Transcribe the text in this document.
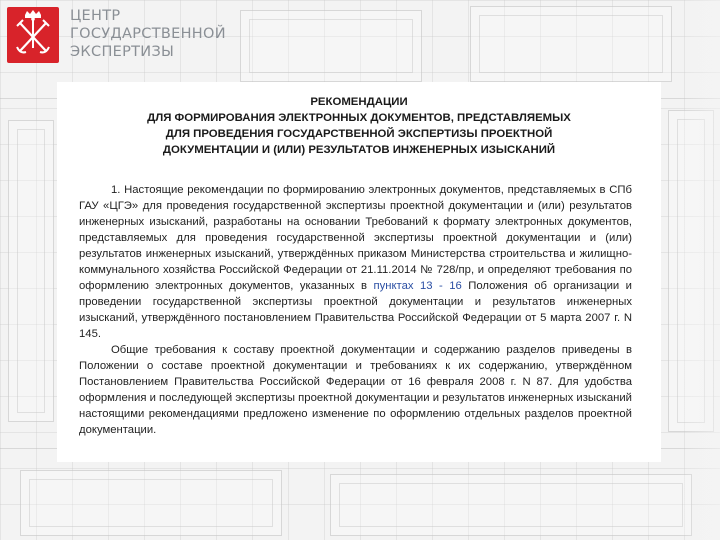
ЦЕНТР
ГОСУДАРСТВЕННОЙ
ЭКСПЕРТИЗЫ
РЕКОМЕНДАЦИИ
ДЛЯ ФОРМИРОВАНИЯ ЭЛЕКТРОННЫХ ДОКУМЕНТОВ, ПРЕДСТАВЛЯЕМЫХ
ДЛЯ ПРОВЕДЕНИЯ ГОСУДАРСТВЕННОЙ ЭКСПЕРТИЗЫ ПРОЕКТНОЙ
ДОКУМЕНТАЦИИ И (ИЛИ) РЕЗУЛЬТАТОВ ИНЖЕНЕРНЫХ ИЗЫСКАНИЙ

1. Настоящие рекомендации по формированию электронных документов, представляемых в СПб ГАУ «ЦГЭ» для проведения государственной экспертизы проектной документации и (или) результатов инженерных изысканий, разработаны на основании Требований к формату электронных документов, представляемых для проведения государственной экспертизы проектной документации и (или) результатов инженерных изысканий, утверждённых приказом Министерства строительства и жилищно-коммунального хозяйства Российской Федерации от 21.11.2014 № 728/пр, и определяют требования по оформлению электронных документов, указанных в пунктах 13 - 16 Положения об организации и проведении государственной экспертизы проектной документации и результатов инженерных изысканий, утверждённого постановлением Правительства Российской Федерации от 5 марта 2007 г. N 145.

Общие требования к составу проектной документации и содержанию разделов приведены в Положении о составе проектной документации и требованиях к их содержанию, утверждённом Постановлением Правительства Российской Федерации от 16 февраля 2008 г. N 87. Для удобства оформления и последующей экспертизы проектной документации и результатов инженерных изысканий настоящими рекомендациями предложено изменение по оформлению отдельных разделов проектной документации.
